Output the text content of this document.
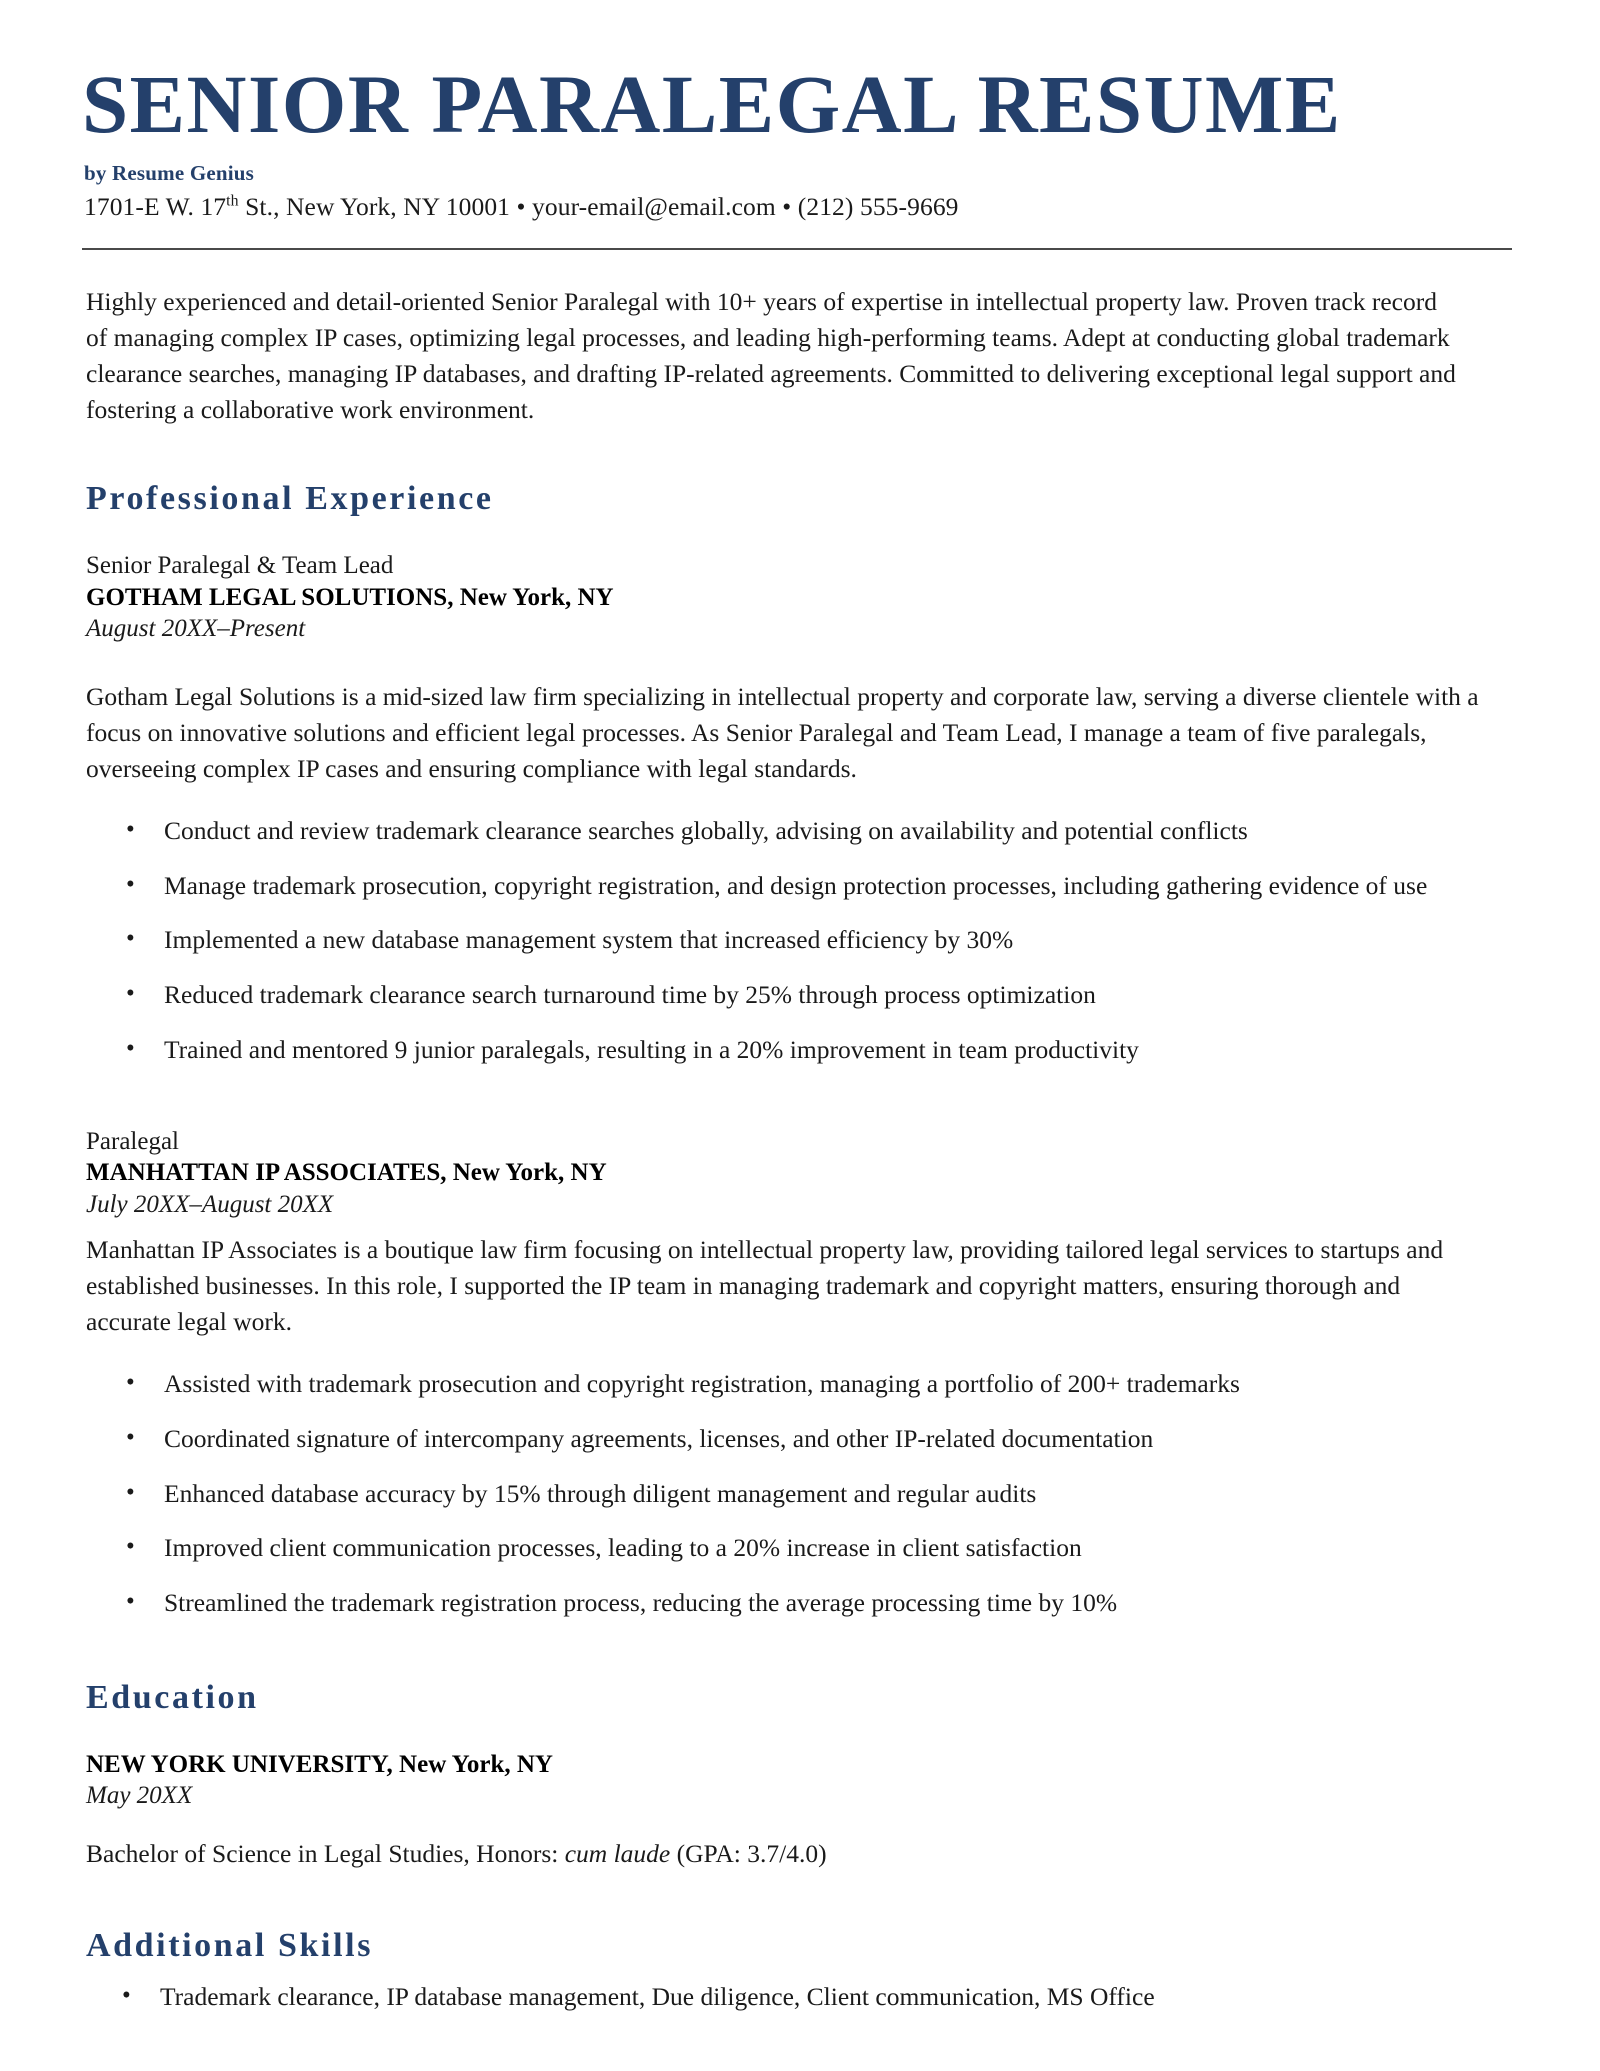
SENIOR PARALEGAL RESUME
by Resume Genius
1701-E W. 17th St., New York, NY 10001 • your-email@email.com • (212) 555-9669

Highly experienced and detail-oriented Senior Paralegal with 10+ years of expertise in intellectual property law. Proven track record of managing complex IP cases, optimizing legal processes, and leading high-performing teams. Adept at conducting global trademark clearance searches, managing IP databases, and drafting IP-related agreements. Committed to delivering exceptional legal support and fostering a collaborative work environment.

Professional Experience
Senior Paralegal & Team Lead
GOTHAM LEGAL SOLUTIONS, New York, NY
August 20XX–Present

Gotham Legal Solutions is a mid-sized law firm specializing in intellectual property and corporate law, serving a diverse clientele with a focus on innovative solutions and efficient legal processes. As Senior Paralegal and Team Lead, I manage a team of five paralegals, overseeing complex IP cases and ensuring compliance with legal standards.

• Conduct and review trademark clearance searches globally, advising on availability and potential conflicts
• Manage trademark prosecution, copyright registration, and design protection processes, including gathering evidence of use
• Implemented a new database management system that increased efficiency by 30%
• Reduced trademark clearance search turnaround time by 25% through process optimization
• Trained and mentored 9 junior paralegals, resulting in a 20% improvement in team productivity
Paralegal
MANHATTAN IP ASSOCIATES, New York, NY
July 20XX–August 20XX

Manhattan IP Associates is a boutique law firm focusing on intellectual property law, providing tailored legal services to startups and established businesses. In this role, I supported the IP team in managing trademark and copyright matters, ensuring thorough and accurate legal work.

• Assisted with trademark prosecution and copyright registration, managing a portfolio of 200+ trademarks
• Coordinated signature of intercompany agreements, licenses, and other IP-related documentation
• Enhanced database accuracy by 15% through diligent management and regular audits
• Improved client communication processes, leading to a 20% increase in client satisfaction
• Streamlined the trademark registration process, reducing the average processing time by 10%
Education
NEW YORK UNIVERSITY, New York, NY
May 20XX

Bachelor of Science in Legal Studies, Honors: cum laude (GPA: 3.7/4.0)

Additional Skills
• Trademark clearance, IP database management, Due diligence, Client communication, MS Office
